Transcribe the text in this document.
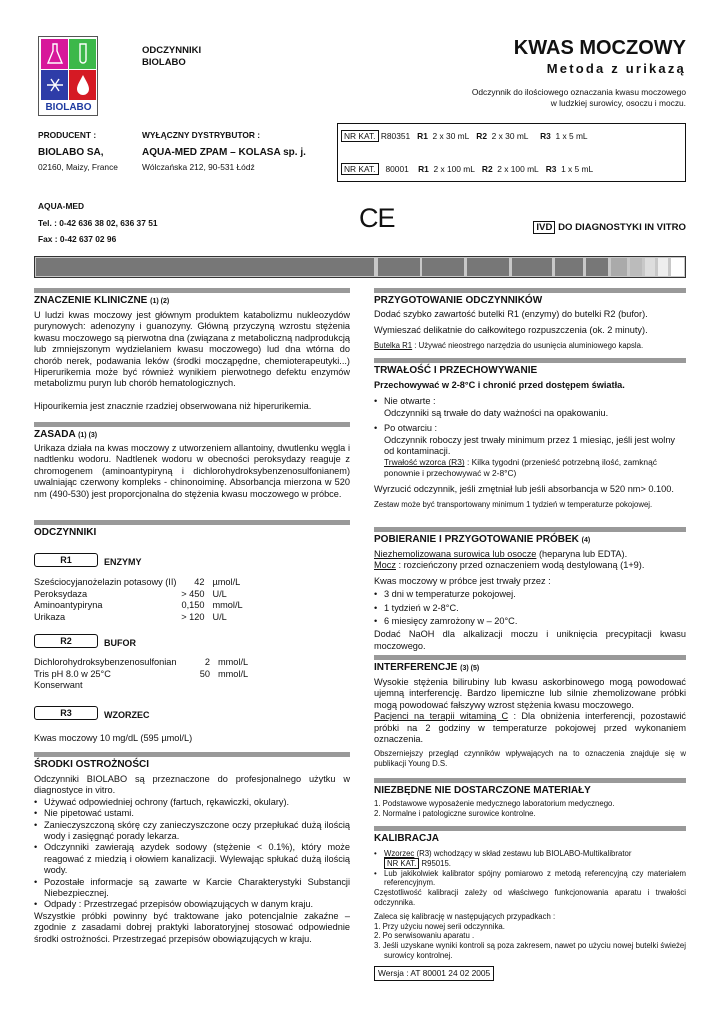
BIOLABO
ODCZYNNIKI
BIOLABO
KWAS MOCZOWY
Metoda z urikazą
Odczynnik do ilościowego oznaczania kwasu moczowego
w ludzkiej surowicy, osoczu i moczu.
PRODUCENT :
BIOLABO SA,
02160, Maizy, France
WYŁĄCZNY DYSTRYBUTOR :
AQUA-MED ZPAM – KOLASA sp. j.
Wólczańska 212, 90-531 Łódź
NR KAT. R80351 R1 2 x 30 mL R2 2 x 30 mL R3 1 x 5 mL
NR KAT. 80001 R1 2 x 100 mL R2 2 x 100 mL R3 1 x 5 mL
AQUA-MED
Tel. : 0-42 636 38 02, 636 37 51
Fax : 0-42 637 02 96
CE	IVD DO DIAGNOSTYKI IN VITRO
ZNACZENIE KLINICZNE (1) (2)
U ludzi kwas moczowy jest głównym produktem katabolizmu nukleozydów purynowych: adenozyny i guanozyny. Główną przyczyną wzrostu stężenia kwasu moczowego są pierwotna dna (związana z metaboliczną nadprodukcją lub zmniejszonym wydzielaniem kwasu moczowego) lud dna wtórna do chorób nerek, podawania leków (środki mocząpędne, chemioterapeutyki...) Hiperurikemia może być również wynikiem pierwotnego defektu enzymów metabolizmu puryn lub chorób hematologicznych.
Hipourikemia jest znacznie rzadziej obserwowana niż hiperurikemia.
ZASADA (1) (3)
Urikaza działa na kwas moczowy z utworzeniem allantoiny, dwutlenku węgla i nadtlenku wodoru. Nadtlenek wodoru w obecności peroksydazy reaguje z chromogenem (aminoantypiryną i dichlorohydroksybenzenosulfonianem) uwalniając czerwony kompleks - chinonoiminę. Absorbancja mierzona w 520 nm (490-530) jest proporcjonalna do stężenia kwasu moczowego w próbce.
ODCZYNNIKI
R1	ENZYMY
Sześciocyjanożelazin potasowy (II)	42	µmol/L
Peroksydaza	> 450	U/L
Aminoantypiryna	0,150	mmol/L
Urikaza	> 120	U/L
R2	BUFOR
Dichlorohydroksybenzenosulfonian	2	mmol/L
Tris pH 8.0 w 25°C	50	mmol/L
Konserwant		
R3	WZORZEC
Kwas moczowy 10 mg/dL (595 µmol/L)
ŚRODKI OSTROŻNOŚCI
Odczynniki BIOLABO są przeznaczone do profesjonalnego użytku w diagnostyce in vitro.
• Używać odpowiedniej ochrony (fartuch, rękawiczki, okulary).
• Nie pipetować ustami.
• Zanieczyszczoną skórę czy zanieczyszczone oczy przepłukać dużą ilością wody i zasięgnąć porady lekarza.
• Odczynniki zawierają azydek sodowy (stężenie < 0.1%), który może reagować z miedzią i ołowiem kanalizacji. Wylewając spłukać dużą ilością wody.
• Pozostałe informacje są zawarte w Karcie Charakterystyki Substancji Niebezpiecznej.
• Odpady : Przestrzegać przepisów obowiązujących w danym kraju.
Wszystkie próbki powinny być traktowane jako potencjalnie zakaźne – zgodnie z zasadami dobrej praktyki laboratoryjnej stosować odpowiednie środki ostrożności. Przestrzegać przepisów obowiązujących w kraju.
PRZYGOTOWANIE ODCZYNNIKÓW
Dodać szybko zawartość butelki R1 (enzymy) do butelki R2 (bufor).
Wymieszać delikatnie do całkowitego rozpuszczenia (ok. 2 minuty).
Butelka R1 : Używać nieostrego narzędzia do usunięcia aluminiowego kapsla.
TRWAŁOŚĆ I PRZECHOWYWANIE
Przechowywać w 2-8°C i chronić przed dostępem światła.
• Nie otwarte :
Odczynniki są trwałe do daty ważności na opakowaniu.
• Po otwarciu :
Odczynnik roboczy jest trwały minimum przez 1 miesiąc, jeśli jest wolny od kontaminacji.
Trwałość wzorca (R3) : Kilka tygodni (przenieść potrzebną ilość, zamknąć ponownie i przechowywać w 2-8°C)
Wyrzucić odczynnik, jeśli zmętniał lub jeśli absorbancja w 520 nm> 0.100.
Zestaw może być transportowany minimum 1 tydzień w temperaturze pokojowej.
POBIERANIE I PRZYGOTOWANIE PRÓBEK (4)
Niezhemolizowana surowica lub osocze (heparyna lub EDTA).
Mocz : rozcieńczony przed oznaczeniem wodą destylowaną (1+9).
Kwas moczowy w próbce jest trwały przez :
• 3 dni w temperaturze pokojowej.
• 1 tydzień w 2-8°C.
• 6 miesięcy zamrożony w – 20°C.
Dodać NaOH dla alkalizacji moczu i uniknięcia precypitacji kwasu moczowego.
INTERFERENCJE (3) (5)
Wysokie stężenia bilirubiny lub kwasu askorbinowego mogą powodować ujemną interferencję. Bardzo lipemiczne lub silnie zhemolizowane próbki mogą powodować fałszywy wzrost stężenia kwasu moczowego.
Pacjenci na terapii witaminą C : Dla obniżenia interferencji, pozostawić próbki na 2 godziny w temperaturze pokojowej przed wykonaniem oznaczenia.
Obszerniejszy przegląd czynników wpływających na to oznaczenia znajduje się w publikacji Young D.S.
NIEZBĘDNE NIE DOSTARCZONE MATERIAŁY
1. Podstawowe wyposażenie medycznego laboratorium medycznego.
2. Normalne i patologiczne surowice kontrolne.
KALIBRACJA
• Wzorzec (R3) wchodzący w skład zestawu lub BIOLABO-Multikalibrator
NR KAT. R95015.
• Lub jakikolwiek kalibrator spójny pomiarowo z metodą referencyjną czy materiałem referencyjnym.
Częstotliwość kalibracji zależy od właściwego funkcjonowania aparatu i trwałości odczynnika.
Zaleca się kalibrację w następujących przypadkach :
1. Przy użyciu nowej serii odczynnika.
2. Po serwisowaniu aparatu .
3. Jeśli uzyskane wyniki kontroli są poza zakresem, nawet po użyciu nowej butelki świeżej surowicy kontrolnej.
Wersja : AT 80001 24 02 2005
